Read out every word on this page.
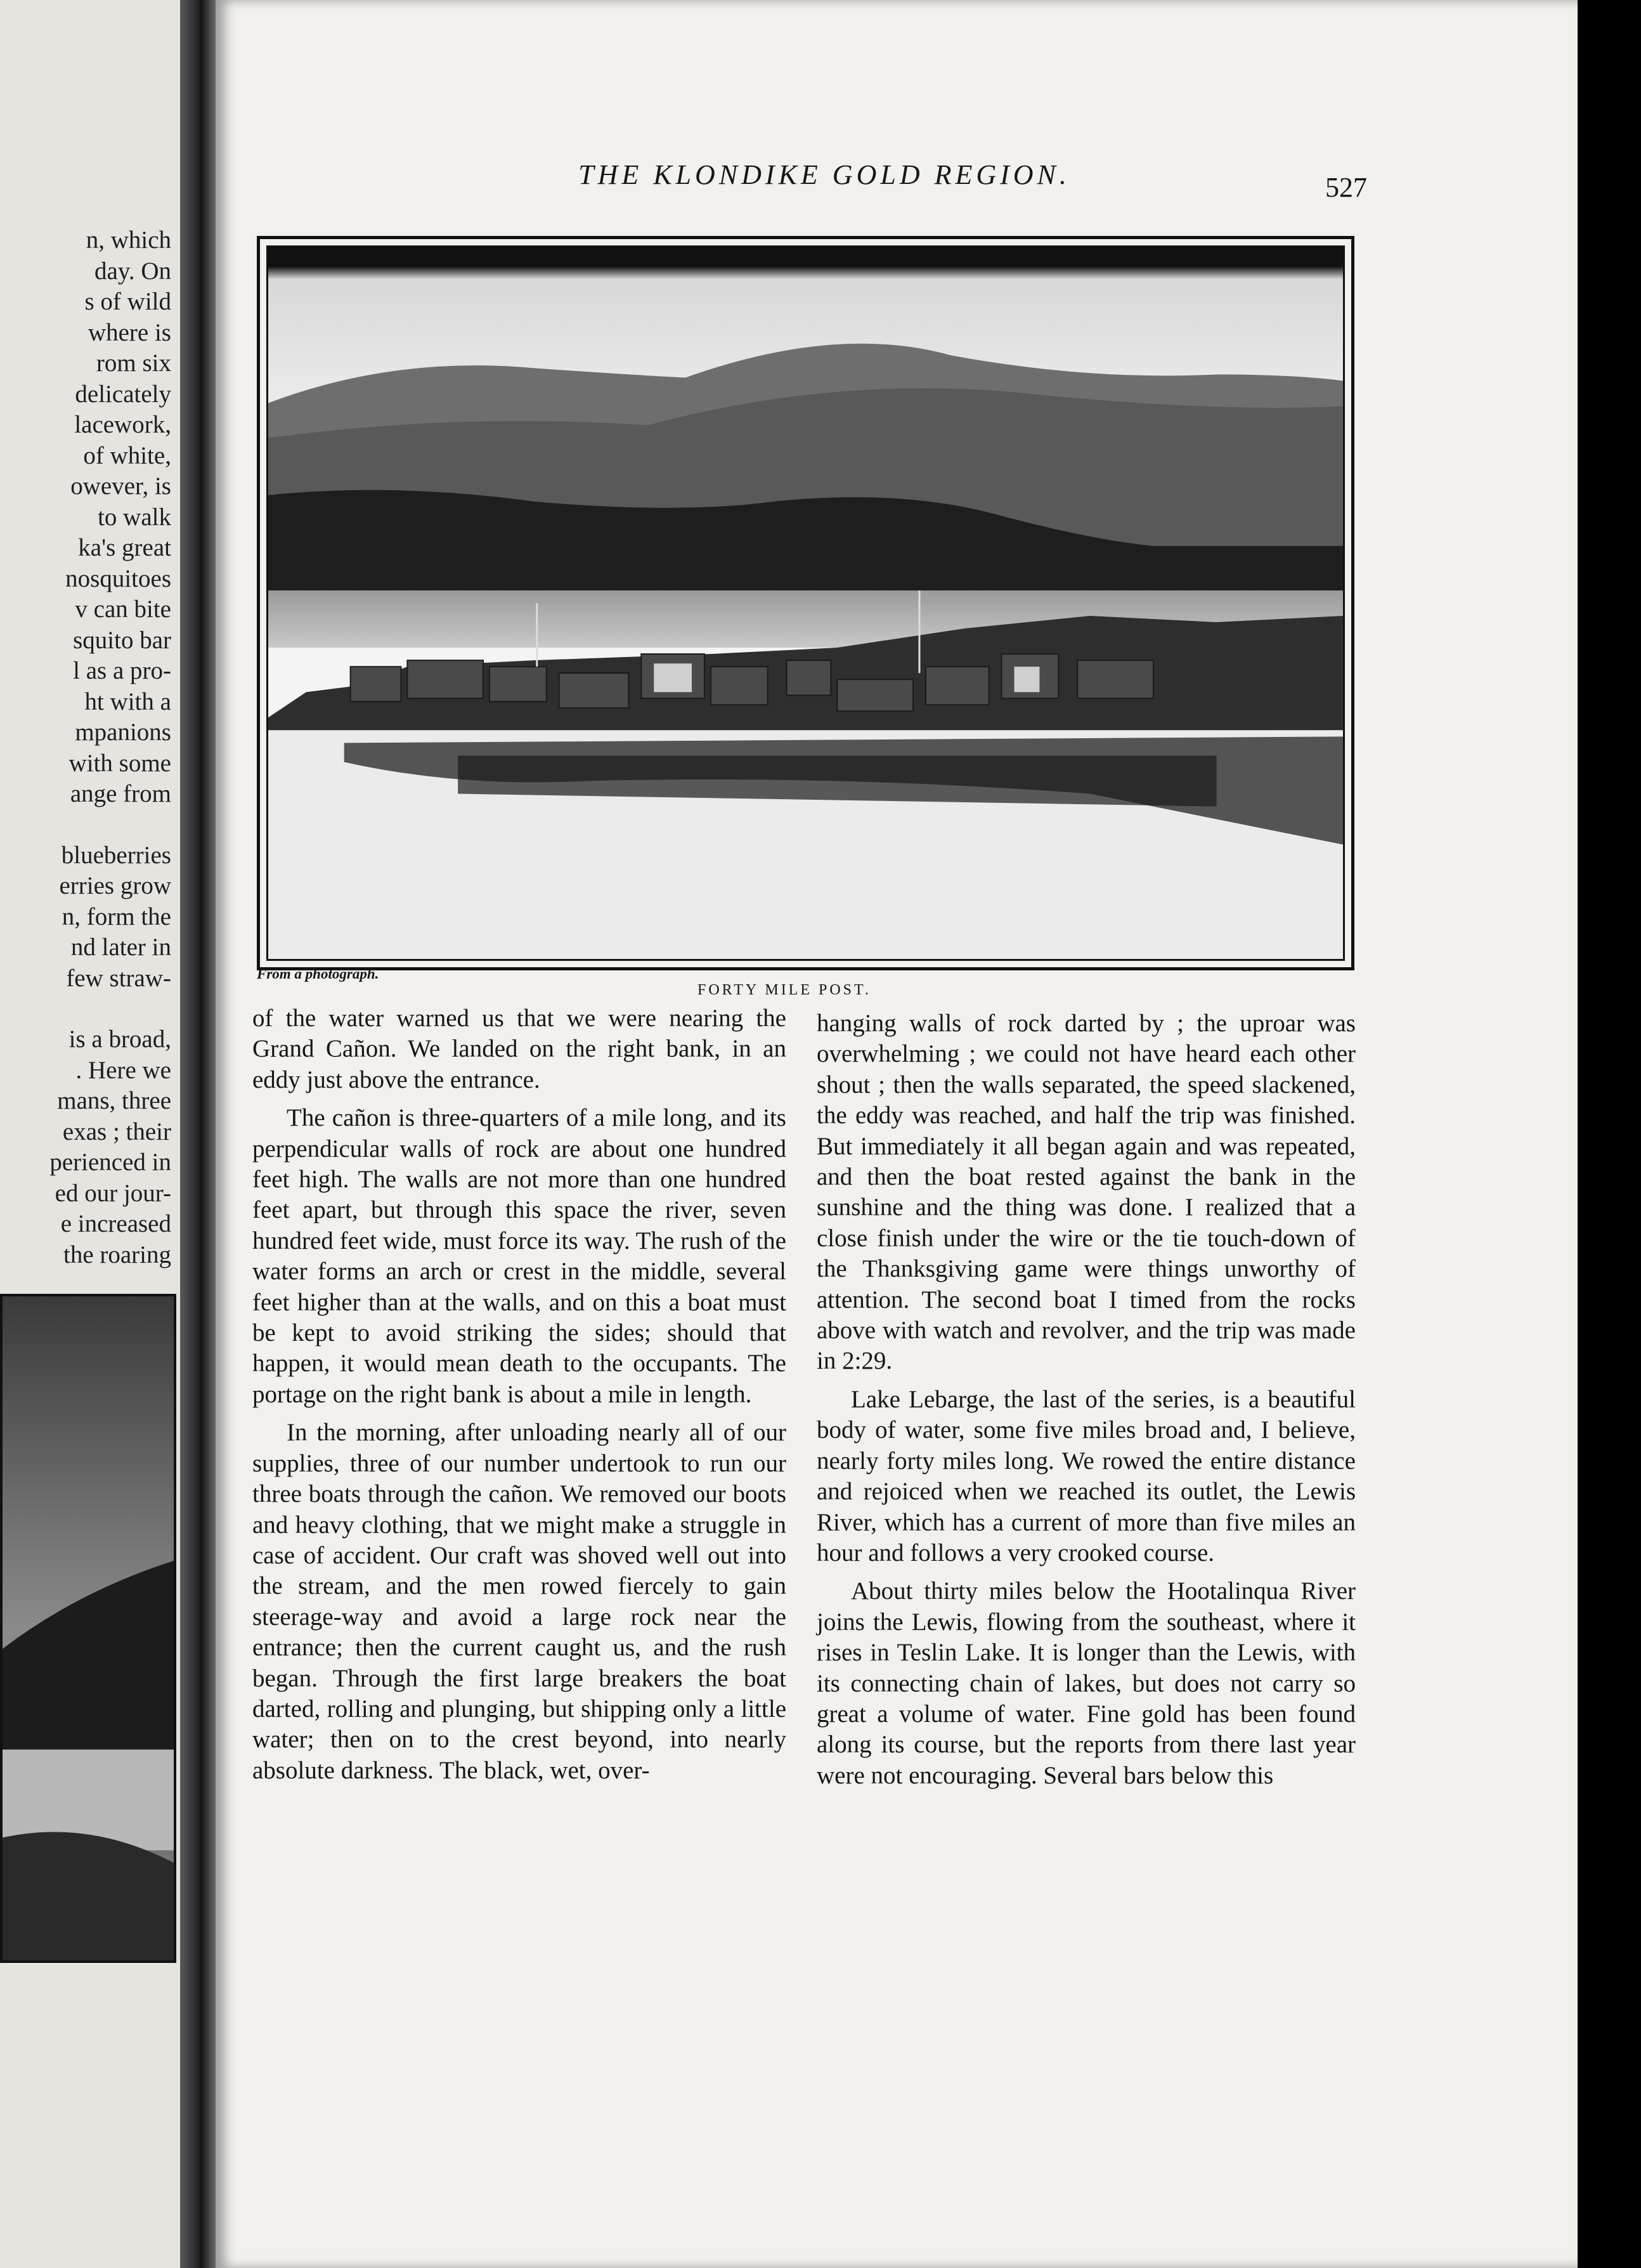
n, which
day. On
s of wild
where is
rom six
delicately
lacework,
of white,
owever, is
to walk
ka's great
nosquitoes
v can bite
squito bar
l as a pro-
ht with a
mpanions
with some
ange from
blueberries
erries grow
n, form the
nd later in
few straw-
is a broad,
. Here we
mans, three
exas ; their
perienced in
ed our jour-
e increased
the roaring
THE KLONDIKE GOLD REGION.	527
From a photograph.
FORTY MILE POST.

of the water warned us that we were nearing the Grand Cañon. We landed on the right bank, in an eddy just above the entrance.

The cañon is three-quarters of a mile long, and its perpendicular walls of rock are about one hundred feet high. The walls are not more than one hundred feet apart, but through this space the river, seven hundred feet wide, must force its way. The rush of the water forms an arch or crest in the middle, several feet higher than at the walls, and on this a boat must be kept to avoid striking the sides; should that happen, it would mean death to the occupants. The portage on the right bank is about a mile in length.

In the morning, after unloading nearly all of our supplies, three of our number undertook to run our three boats through the cañon. We removed our boots and heavy clothing, that we might make a struggle in case of accident. Our craft was shoved well out into the stream, and the men rowed fiercely to gain steerage-way and avoid a large rock near the entrance; then the current caught us, and the rush began. Through the first large breakers the boat darted, rolling and plunging, but shipping only a little water; then on to the crest beyond, into nearly absolute darkness. The black, wet, over-

hanging walls of rock darted by ; the uproar was overwhelming ; we could not have heard each other shout ; then the walls separated, the speed slackened, the eddy was reached, and half the trip was finished. But immediately it all began again and was repeated, and then the boat rested against the bank in the sunshine and the thing was done. I realized that a close finish under the wire or the tie touch-down of the Thanksgiving game were things unworthy of attention. The second boat I timed from the rocks above with watch and revolver, and the trip was made in 2:29.

Lake Lebarge, the last of the series, is a beautiful body of water, some five miles broad and, I believe, nearly forty miles long. We rowed the entire distance and rejoiced when we reached its outlet, the Lewis River, which has a current of more than five miles an hour and follows a very crooked course.

About thirty miles below the Hootalinqua River joins the Lewis, flowing from the southeast, where it rises in Teslin Lake. It is longer than the Lewis, with its connecting chain of lakes, but does not carry so great a volume of water. Fine gold has been found along its course, but the reports from there last year were not encouraging. Several bars below this
